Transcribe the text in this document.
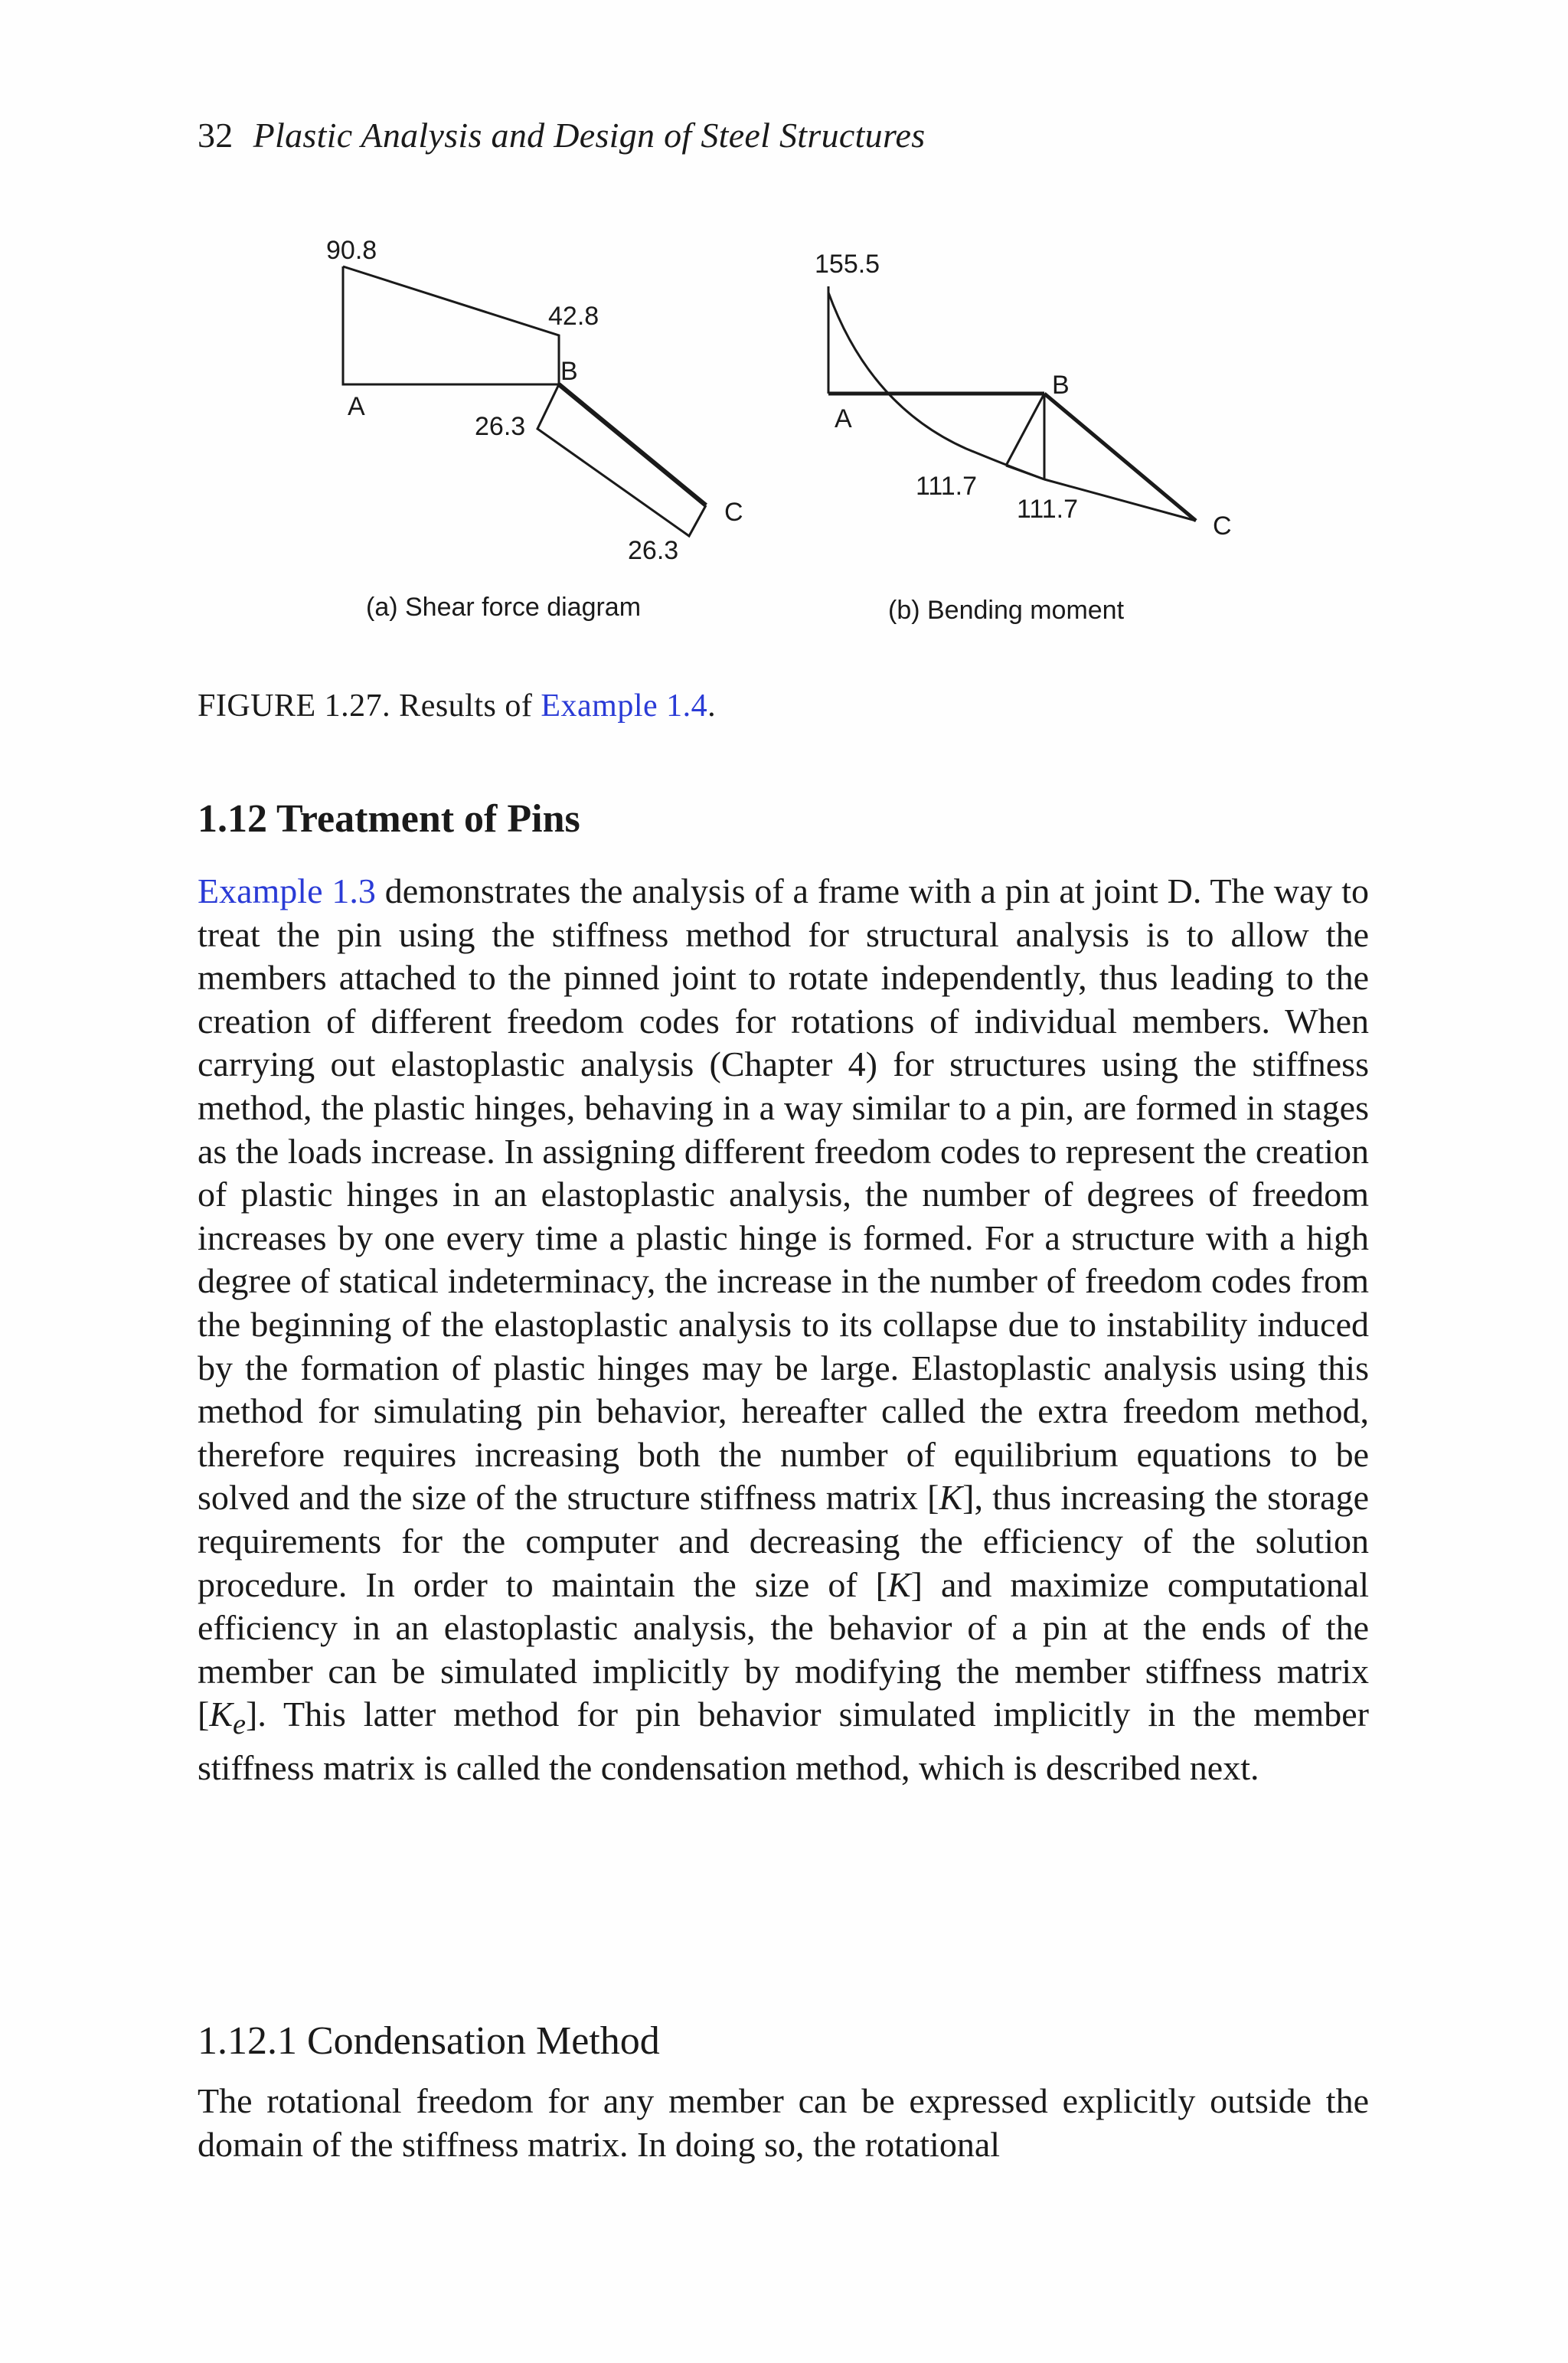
32 Plastic Analysis and Design of Steel Structures
90.8
42.8
B
A
26.3
C
26.3
(a) Shear force diagram
155.5
B
A
111.7
111.7
C
(b) Bending moment
FIGURE 1.27. Results of Example 1.4.
1.12 Treatment of Pins

Example 1.3 demonstrates the analysis of a frame with a pin at joint D. The way to treat the pin using the stiffness method for structural analysis is to allow the members attached to the pinned joint to rotate independently, thus leading to the creation of different freedom codes for rotations of individual members. When carrying out elastoplastic analysis (Chapter 4) for structures using the stiffness method, the plastic hinges, behaving in a way similar to a pin, are formed in stages as the loads increase. In assigning different freedom codes to represent the creation of plastic hinges in an elastoplastic analysis, the number of degrees of freedom increases by one every time a plastic hinge is formed. For a structure with a high degree of statical indeterminacy, the increase in the number of freedom codes from the beginning of the elastoplastic analysis to its collapse due to instability induced by the formation of plastic hinges may be large. Elastoplastic analysis using this method for simulating pin behavior, hereafter called the extra freedom method, therefore requires increasing both the number of equilibrium equations to be solved and the size of the structure stiffness matrix [K], thus increasing the storage requirements for the computer and decreasing the efficiency of the solution procedure. In order to maintain the size of [K] and maximize computational efficiency in an elastoplastic analysis, the behavior of a pin at the ends of the member can be simulated implicitly by modifying the member stiffness matrix $[K_e]$. This latter method for pin behavior simulated implicitly in the member stiffness matrix is called the condensation method, which is described next.

1.12.1 Condensation Method

The rotational freedom for any member can be expressed explicitly outside the domain of the stiffness matrix. In doing so, the rotational
